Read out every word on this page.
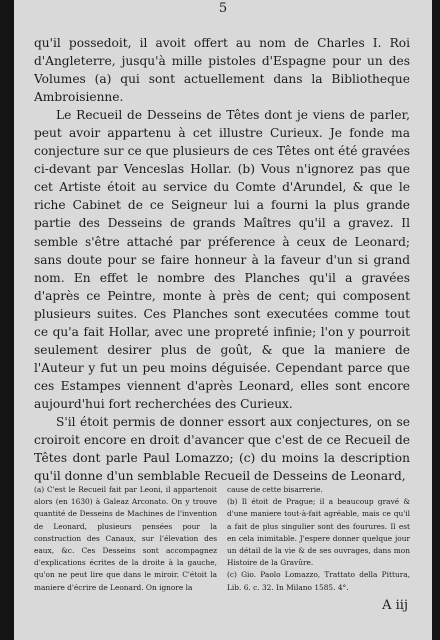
5

qu'il possedoit, il avoit offert au nom de Charles I. Roi d'Angleterre, jusqu'à mille pistoles d'Espagne pour un des Volumes (a) qui sont actuellement dans la Bibliotheque Ambroisienne.

Le Recueil de Desseins de Têtes dont je viens de parler, peut avoir appartenu à cet illustre Curieux. Je fonde ma conjecture sur ce que plusieurs de ces Têtes ont été gravées ci-devant par Venceslas Hollar. (b) Vous n'ignorez pas que cet Artiste étoit au service du Comte d'Arundel, & que le riche Cabinet de ce Seigneur lui a fourni la plus grande partie des Desseins de grands Maîtres qu'il a gravez. Il semble s'être attaché par préference à ceux de Leonard; sans doute pour se faire honneur à la faveur d'un si grand nom. En effet le nombre des Planches qu'il a gravées d'après ce Peintre, monte à près de cent; qui composent plusieurs suites. Ces Planches sont executées comme tout ce qu'a fait Hollar, avec une propreté infinie; l'on y pourroit seulement desirer plus de goût, & que la maniere de l'Auteur y fut un peu moins déguisée. Cependant parce que ces Estampes viennent d'après Leonard, elles sont encore aujourd'hui fort recherchées des Curieux.

S'il étoit permis de donner essort aux conjectures, on se croiroit encore en droit d'avancer que c'est de ce Recueil de Têtes dont parle Paul Lomazzo; (c) du moins la description qu'il donne d'un semblable Recueil de Desseins de Leonard,

(a) C'est le Recueil fait par Leoni, il appartenoit alors (en 1630) à Galeaz Arconato. On y trouve quantité de Desseins de Machines de l'invention de Leonard, plusieurs pensées pour la construction des Canaux, sur l'élevation des eaux, &c. Ces Desseins sont accompagnez d'explications écrites de la droite à la gauche, qu'on ne peut lire que dans le miroir. C'étoit la maniere d'écrire de Leonard. On ignore la

cause de cette bisarrerie.

(b) Il étoit de Prague; il a beaucoup gravé & d'une maniere tout-à-fait agréable, mais ce qu'il a fait de plus singulier sont des fourures. Il est en cela inimitable. J'espere donner quelque jour un détail de la vie & de ses ouvrages, dans mon Histoire de la Gravûre.

(c) Gio. Paolo Lomazzo, Trattato della Pittura, Lib. 6. c. 32. In Milano 1585. 4°.

A iij
